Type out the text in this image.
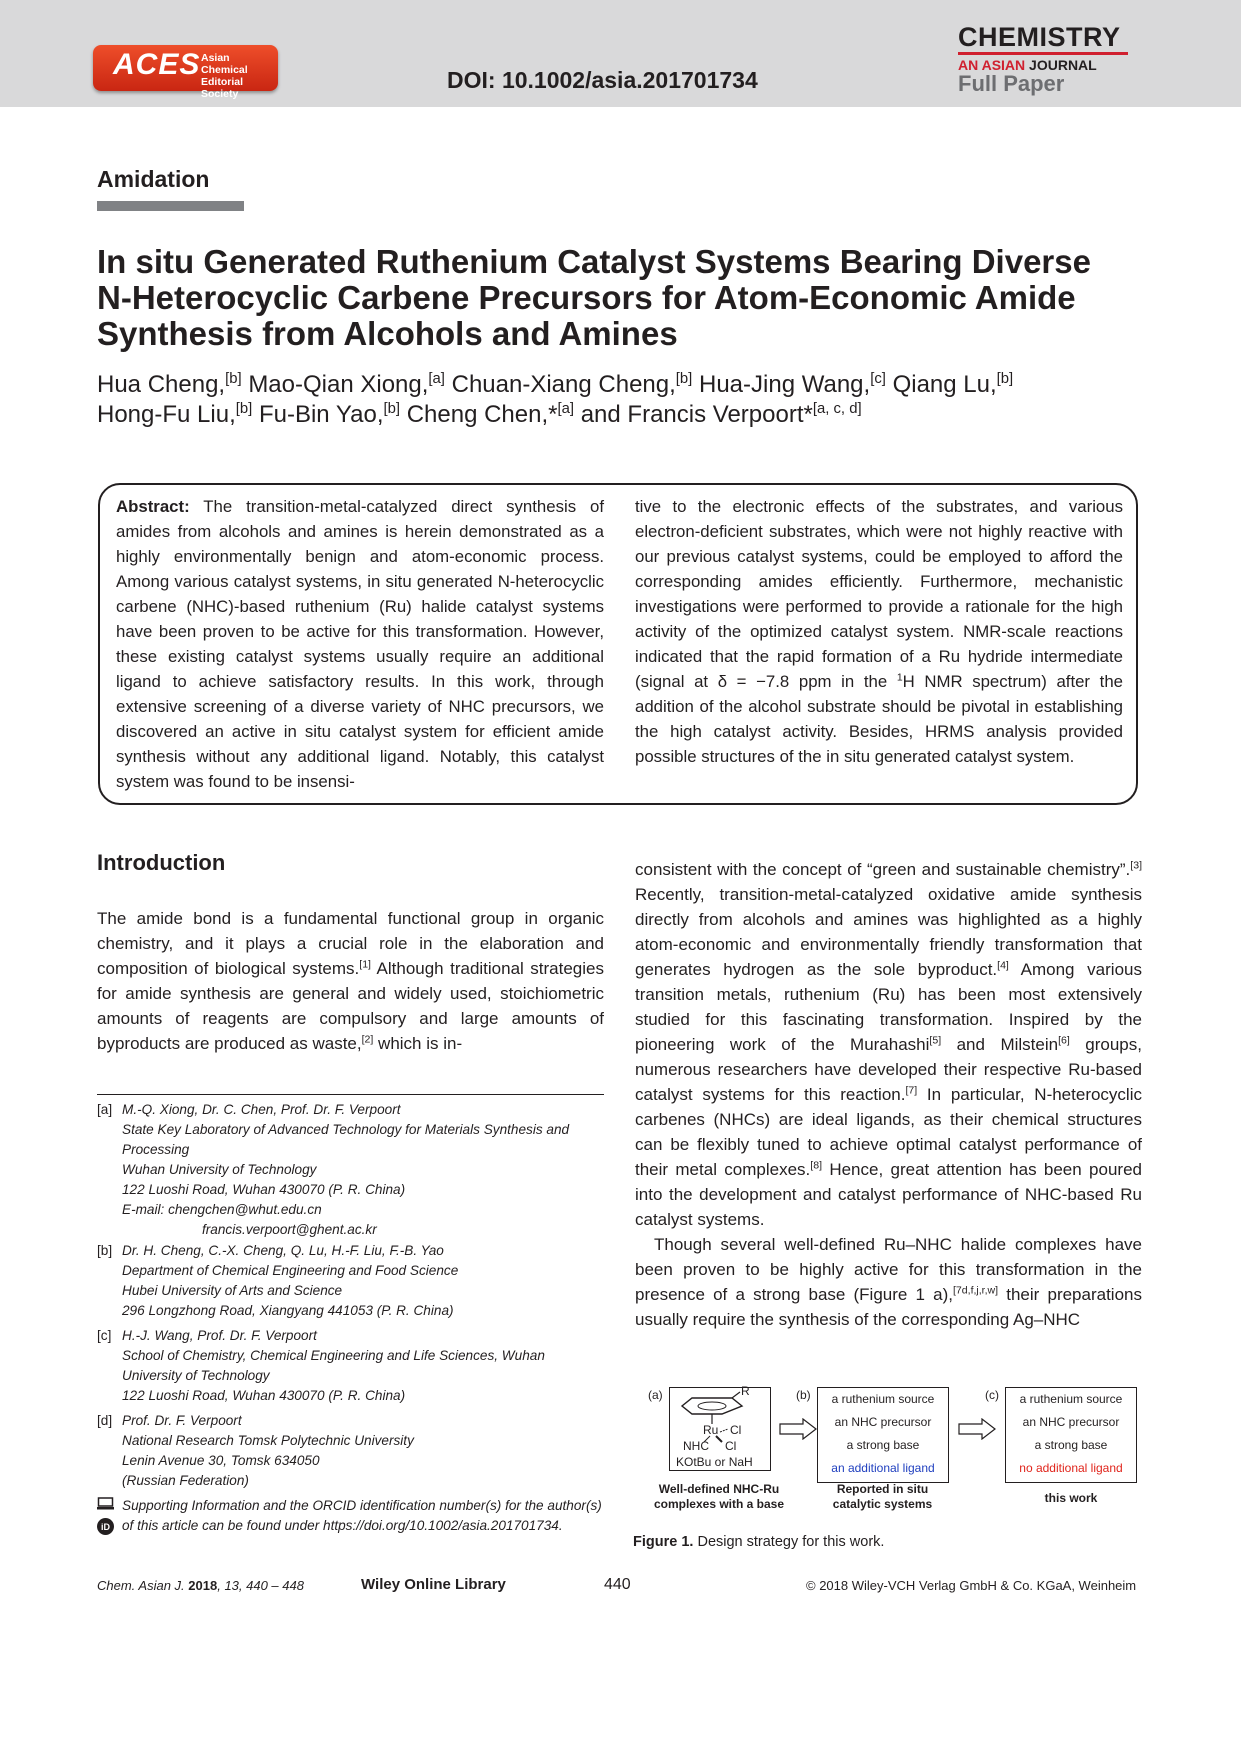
ACES Asian Chemical
Editorial Society
DOI: 10.1002/asia.201701734
CHEMISTRY
AN ASIAN JOURNAL
Full Paper
Amidation
In situ Generated Ruthenium Catalyst Systems Bearing Diverse
N-Heterocyclic Carbene Precursors for Atom-Economic Amide
Synthesis from Alcohols and Amines
Hua Cheng,[b] Mao-Qian Xiong,[a] Chuan-Xiang Cheng,[b] Hua-Jing Wang,[c] Qiang Lu,[b]
Hong-Fu Liu,[b] Fu-Bin Yao,[b] Cheng Chen,*[a] and Francis Verpoort*[a, c, d]
Abstract: The transition-metal-catalyzed direct synthesis of amides from alcohols and amines is herein demonstrated as a highly environmentally benign and atom-economic process. Among various catalyst systems, in situ generated N-heterocyclic carbene (NHC)-based ruthenium (Ru) halide catalyst systems have been proven to be active for this transformation. However, these existing catalyst systems usually require an additional ligand to achieve satisfactory results. In this work, through extensive screening of a diverse variety of NHC precursors, we discovered an active in situ catalyst system for efficient amide synthesis without any additional ligand. Notably, this catalyst system was found to be insensi-
tive to the electronic effects of the substrates, and various electron-deficient substrates, which were not highly reactive with our previous catalyst systems, could be employed to afford the corresponding amides efficiently. Furthermore, mechanistic investigations were performed to provide a rationale for the high activity of the optimized catalyst system. NMR-scale reactions indicated that the rapid formation of a Ru hydride intermediate (signal at δ = −7.8 ppm in the $^1$H NMR spectrum) after the addition of the alcohol substrate should be pivotal in establishing the high catalyst activity. Besides, HRMS analysis provided possible structures of the in situ generated catalyst system.
Introduction
The amide bond is a fundamental functional group in organic chemistry, and it plays a crucial role in the elaboration and composition of biological systems.[1] Although traditional strategies for amide synthesis are general and widely used, stoichiometric amounts of reagents are compulsory and large amounts of byproducts are produced as waste,[2] which is in-
consistent with the concept of “green and sustainable chemistry”.[3] Recently, transition-metal-catalyzed oxidative amide synthesis directly from alcohols and amines was highlighted as a highly atom-economic and environmentally friendly transformation that generates hydrogen as the sole byproduct.[4] Among various transition metals, ruthenium (Ru) has been most extensively studied for this fascinating transformation. Inspired by the pioneering work of the Murahashi[5] and Milstein[6] groups, numerous researchers have developed their respective Ru-based catalyst systems for this reaction.[7] In particular, N-heterocyclic carbenes (NHCs) are ideal ligands, as their chemical structures can be flexibly tuned to achieve optimal catalyst performance of their metal complexes.[8] Hence, great attention has been poured into the development and catalyst performance of NHC-based Ru catalyst systems.
Though several well-defined Ru–NHC halide complexes have been proven to be highly active for this transformation in the presence of a strong base (Figure 1 a),[7d,f,j,r,w] their preparations usually require the synthesis of the corresponding Ag–NHC
[a] M.-Q. Xiong, Dr. C. Chen, Prof. Dr. F. Verpoort
State Key Laboratory of Advanced Technology for Materials Synthesis and Processing
Wuhan University of Technology
122 Luoshi Road, Wuhan 430070 (P. R. China)
E-mail: chengchen@whut.edu.cn
francis.verpoort@ghent.ac.kr
[b] Dr. H. Cheng, C.-X. Cheng, Q. Lu, H.-F. Liu, F.-B. Yao
Department of Chemical Engineering and Food Science
Hubei University of Arts and Science
296 Longzhong Road, Xiangyang 441053 (P. R. China)
[c] H.-J. Wang, Prof. Dr. F. Verpoort
School of Chemistry, Chemical Engineering and Life Sciences, Wuhan University of Technology
122 Luoshi Road, Wuhan 430070 (P. R. China)
[d] Prof. Dr. F. Verpoort
National Research Tomsk Polytechnic University
Lenin Avenue 30, Tomsk 634050
(Russian Federation)
iD
Supporting Information and the ORCID identification number(s) for the author(s) of this article can be found under https://doi.org/10.1002/asia.201701734.
(a)	R
Ru Cl
NHC Cl
KOtBu or NaH
Well-defined NHC-Ru
complexes with a base
(b)	a ruthenium source
an NHC precursor
a strong base
an additional ligand
Reported in situ
catalytic systems
(c)	a ruthenium source
an NHC precursor
a strong base
no additional ligand
this work
Figure 1. Design strategy for this work.
Chem. Asian J. 2018, 13, 440 – 448	Wiley Online Library	440	© 2018 Wiley-VCH Verlag GmbH & Co. KGaA, Weinheim
